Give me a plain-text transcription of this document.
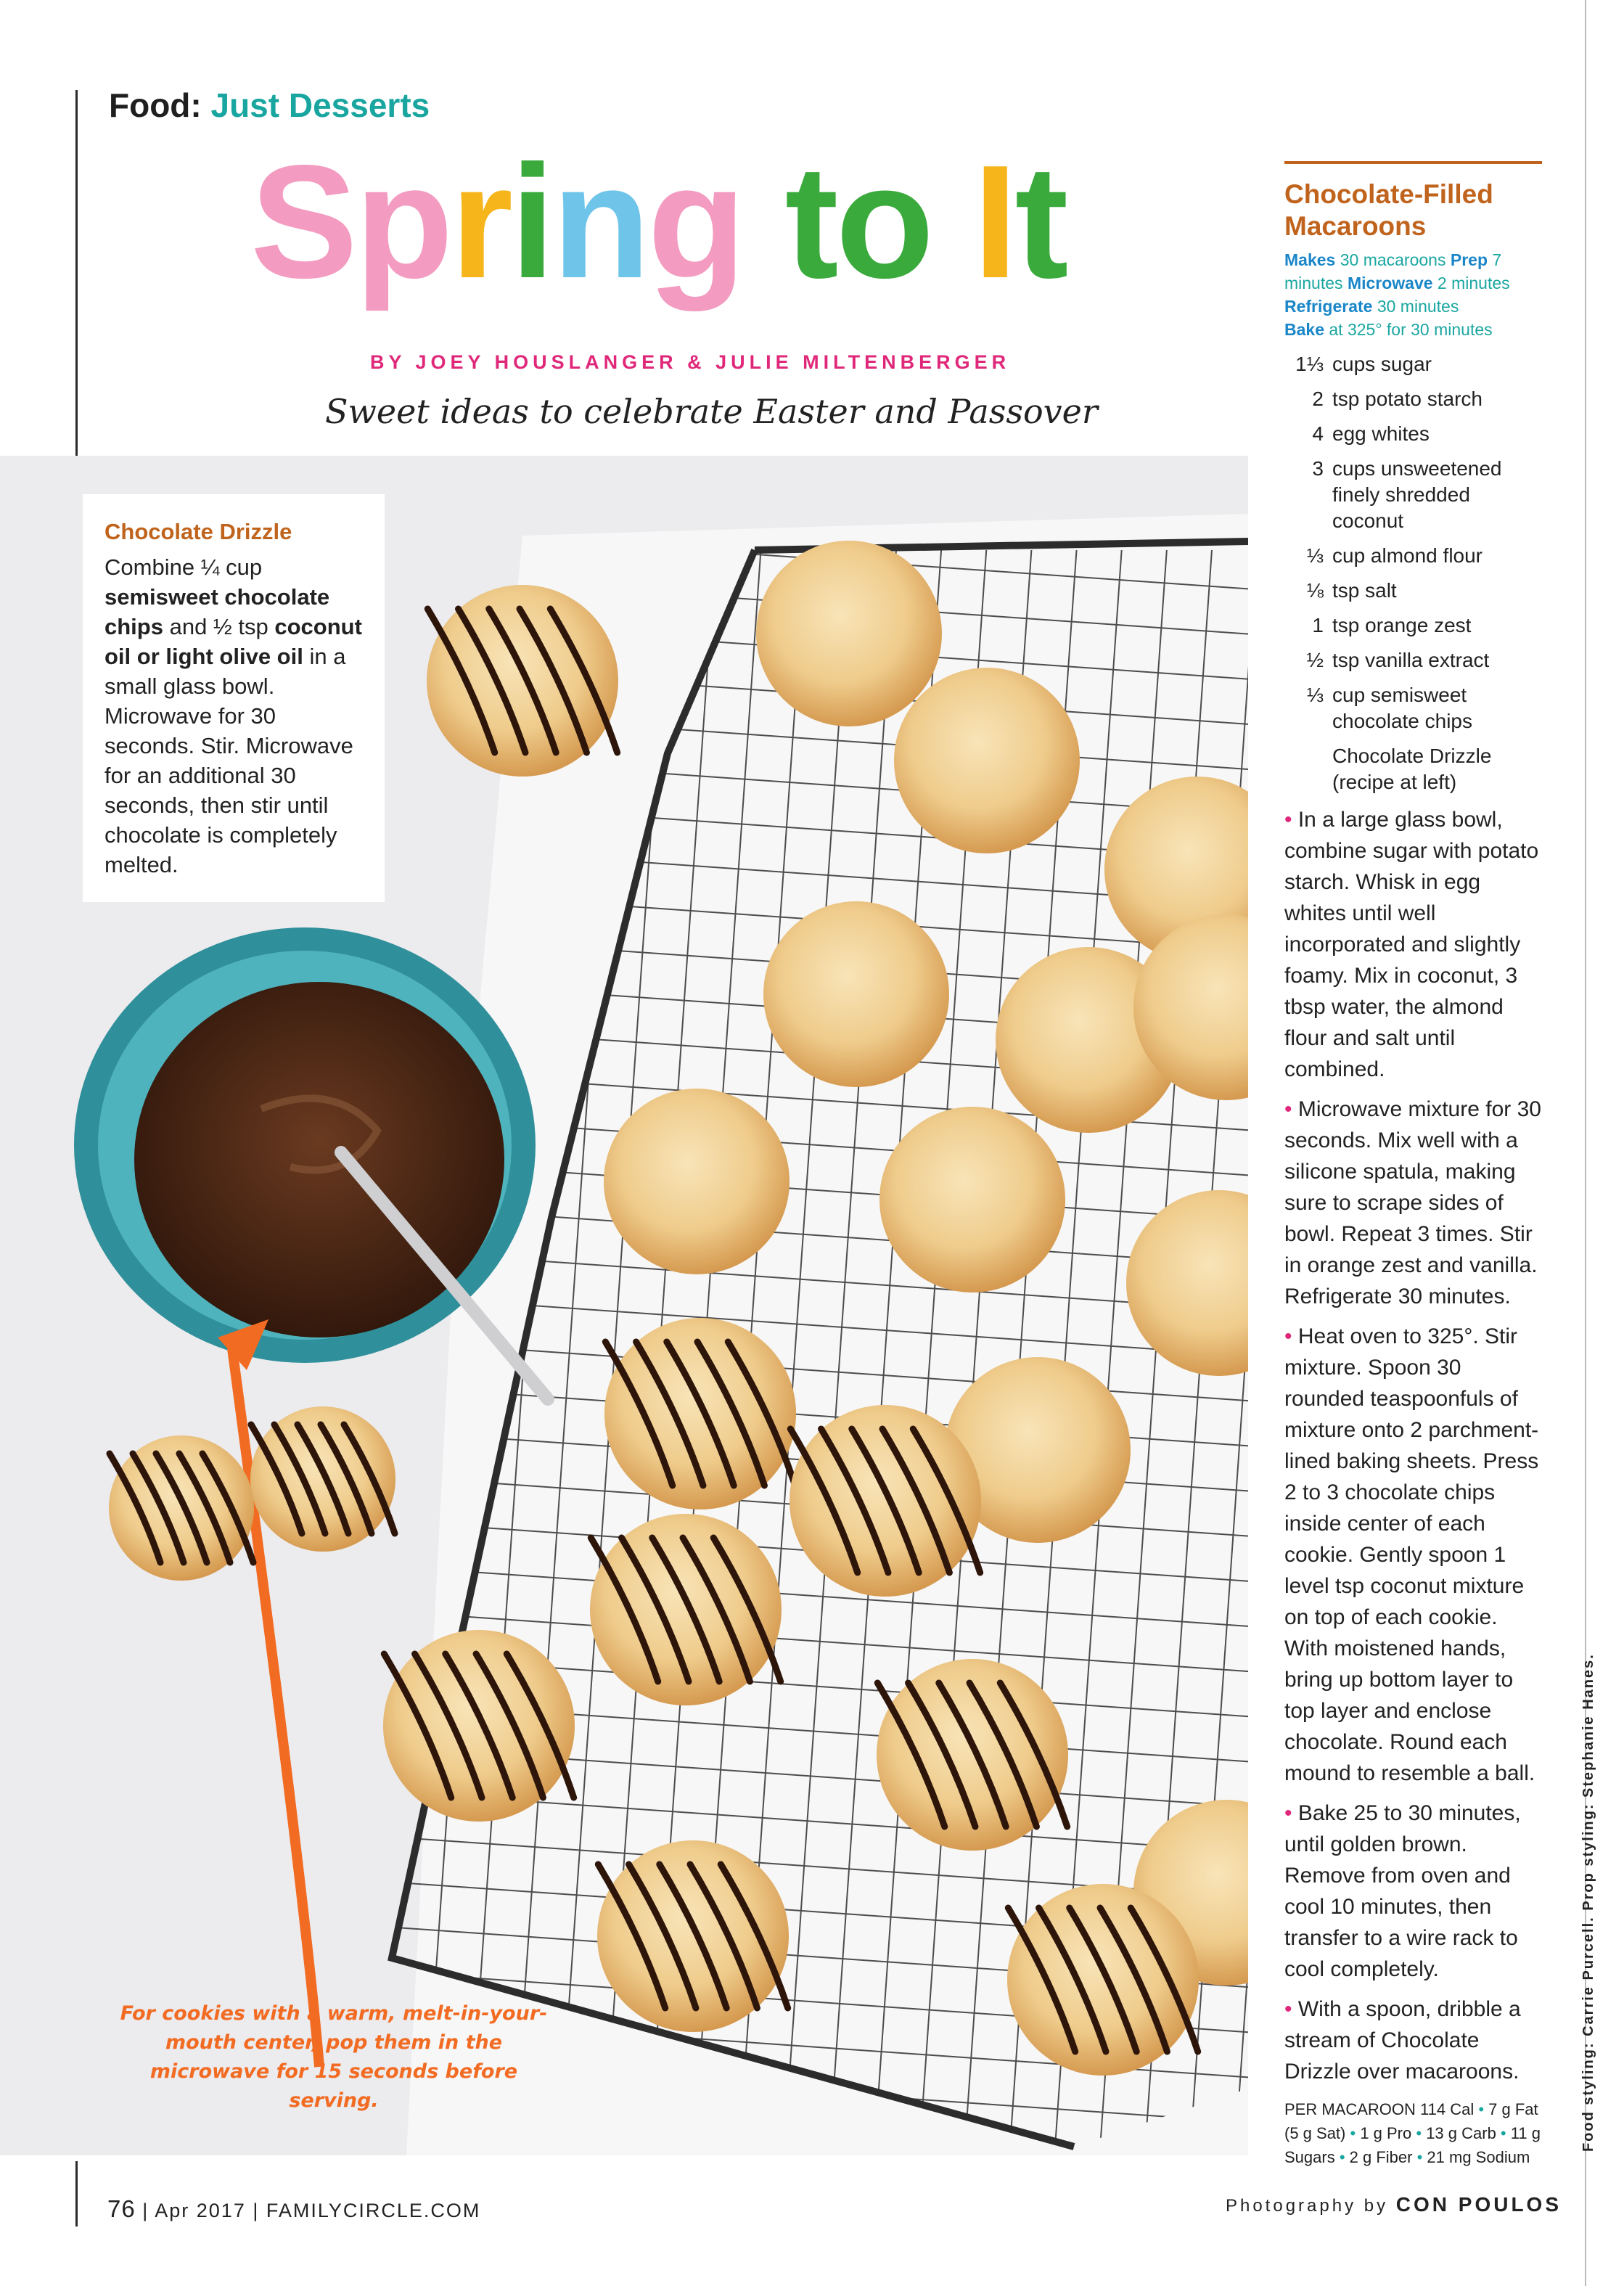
Food: Just Desserts
Spring to It
BY JOEY HOUSLANGER & JULIE MILTENBERGER
Sweet ideas to celebrate Easter and Passover
Chocolate Drizzle
Combine ¼ cup semisweet chocolate chips and ½ tsp coconut oil or light olive oil in a small glass bowl. Microwave for 30 seconds. Stir. Microwave for an additional 30 seconds, then stir until chocolate is completely melted.
For cookies with a warm, melt-in-your-mouth center, pop them in the microwave for 15 seconds before serving.
Chocolate-Filled Macaroons
Makes 30 macaroons Prep 7 minutes Microwave 2 minutes
Refrigerate 30 minutes
Bake at 325° for 30 minutes
1⅓ cups sugar
2 tsp potato starch
4 egg whites
3 cups unsweetened finely shredded coconut
⅓ cup almond flour
⅛ tsp salt
1 tsp orange zest
½ tsp vanilla extract
⅓ cup semisweet chocolate chips
Chocolate Drizzle (recipe at left)
• In a large glass bowl, combine sugar with potato starch. Whisk in egg whites until well incorporated and slightly foamy. Mix in coconut, 3 tbsp water, the almond flour and salt until combined.
• Microwave mixture for 30 seconds. Mix well with a silicone spatula, making sure to scrape sides of bowl. Repeat 3 times. Stir in orange zest and vanilla. Refrigerate 30 minutes.
• Heat oven to 325°. Stir mixture. Spoon 30 rounded teaspoonfuls of mixture onto 2 parchment-lined baking sheets. Press 2 to 3 chocolate chips inside center of each cookie. Gently spoon 1 level tsp coconut mixture on top of each cookie. With moistened hands, bring up bottom layer to top layer and enclose chocolate. Round each mound to resemble a ball.
• Bake 25 to 30 minutes, until golden brown. Remove from oven and cool 10 minutes, then transfer to a wire rack to cool completely.
• With a spoon, dribble a stream of Chocolate Drizzle over macaroons.
PER MACAROON 114 Cal • 7 g Fat (5 g Sat) • 1 g Pro • 13 g Carb • 11 g Sugars • 2 g Fiber • 21 mg Sodium
Food styling: Carrie Purcell. Prop styling: Stephanie Hanes.
76 | Apr 2017 | FAMILYCIRCLE.COM	Photography by CON POULOS
